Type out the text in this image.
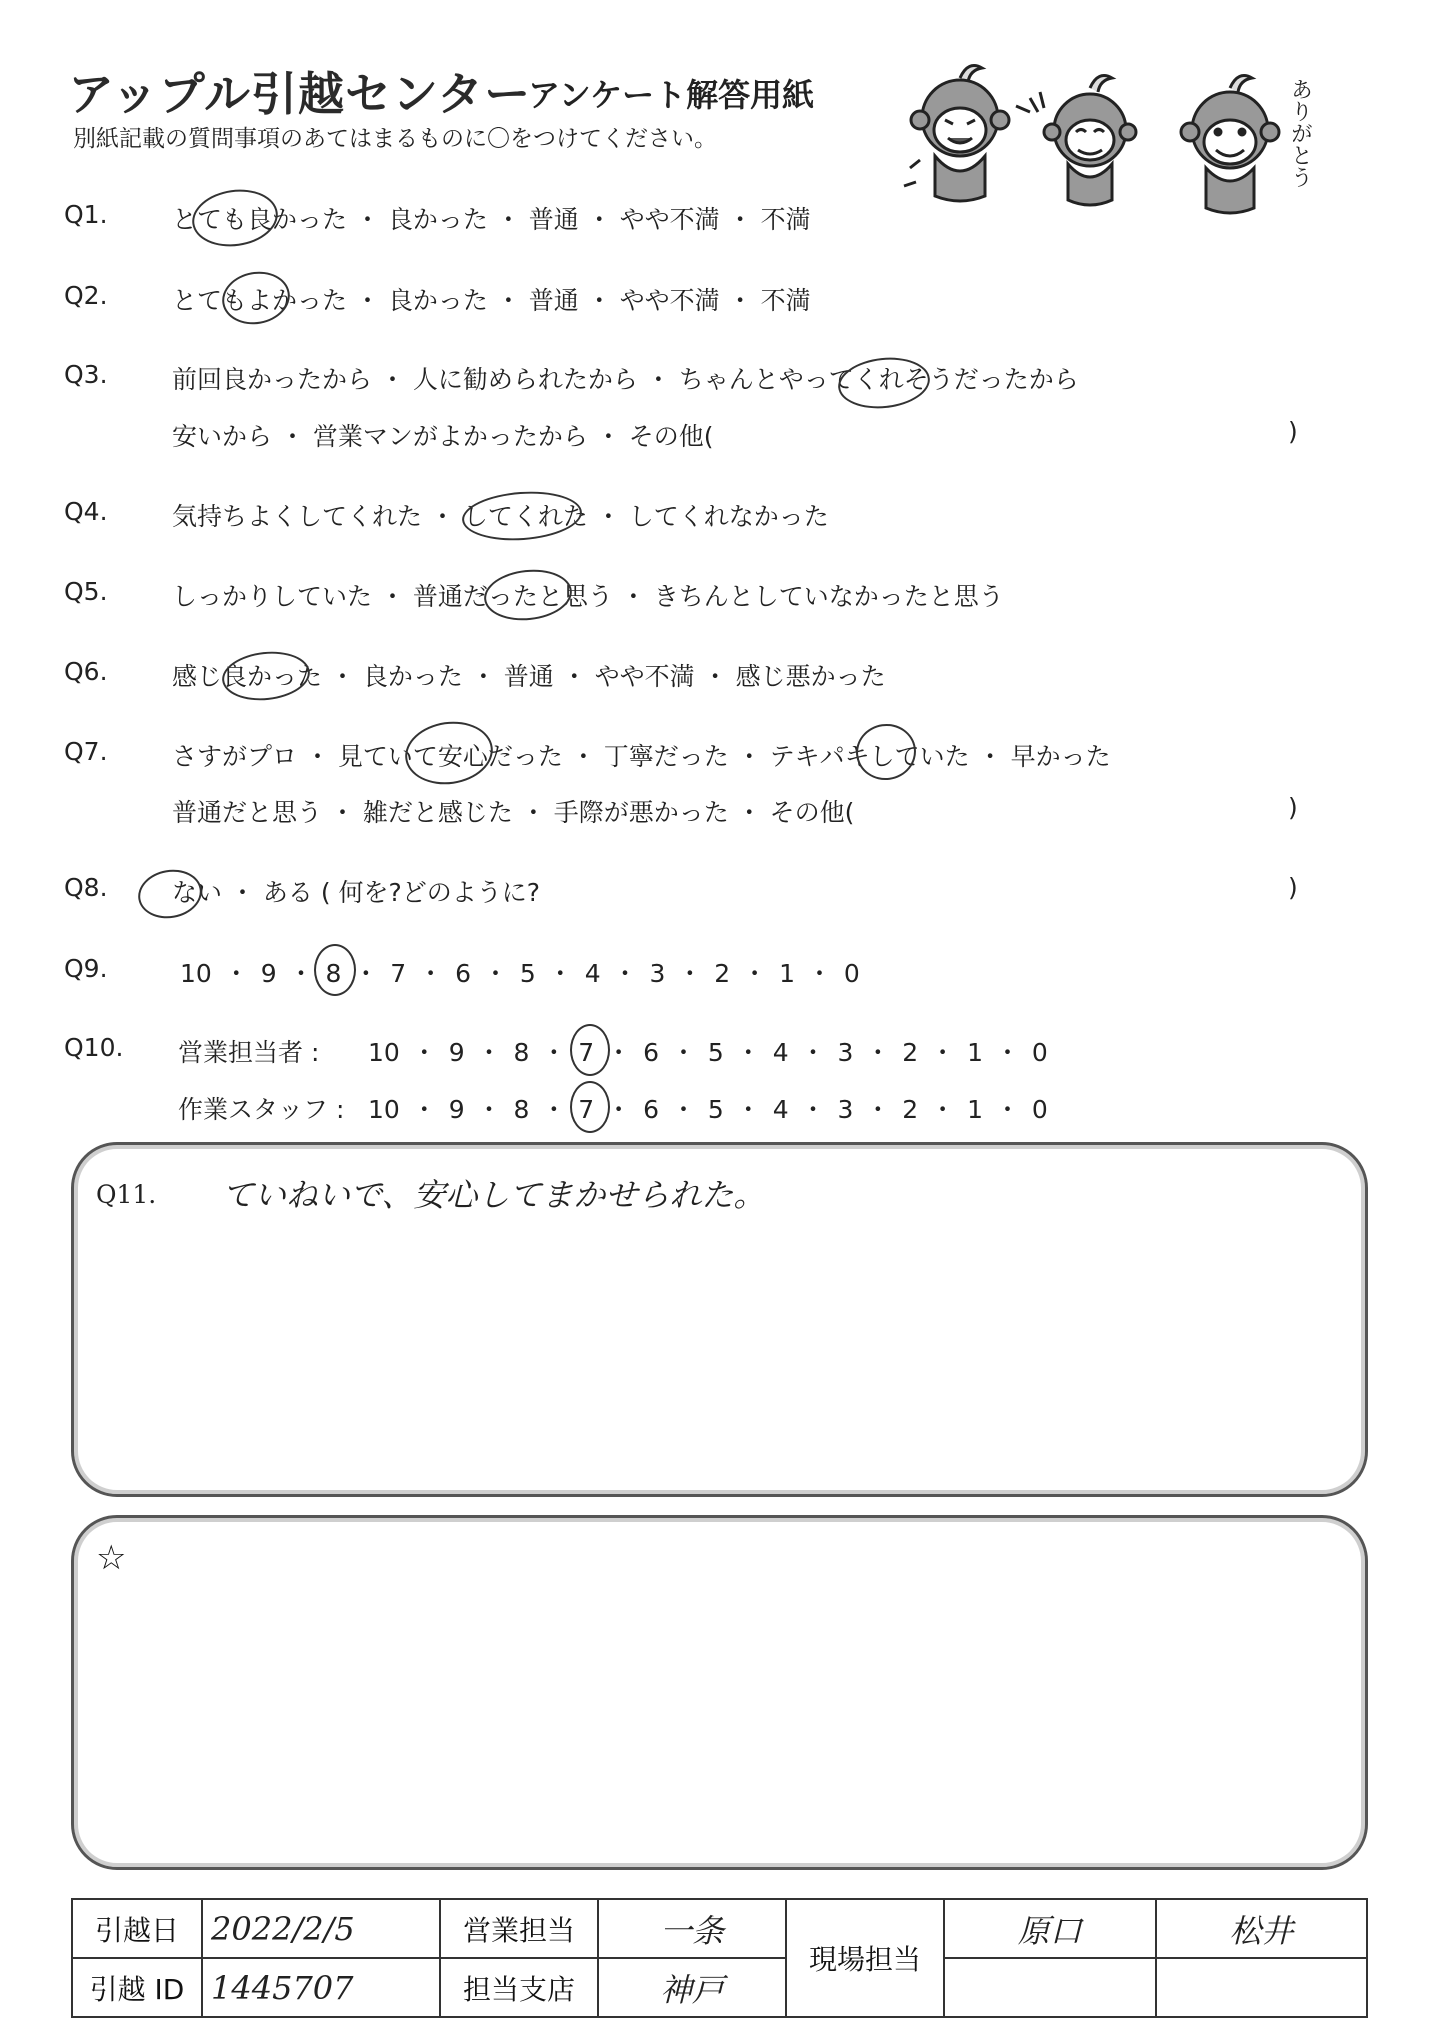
アップル引越センター
アンケート解答用紙
別紙記載の質問事項のあてはまるものに〇をつけてください。	ありがとう
Q1.	とても良かった ・ 良かった ・ 普通 ・ やや不満 ・ 不満
Q2.	とてもよかった ・ 良かった ・ 普通 ・ やや不満 ・ 不満
Q3.	前回良かったから ・ 人に勧められたから ・ ちゃんとやってくれそうだったから
安いから ・ 営業マンがよかったから ・ その他(	)
Q4.	気持ちよくしてくれた ・ してくれた ・ してくれなかった
Q5.	しっかりしていた ・ 普通だったと思う ・ きちんとしていなかったと思う
Q6.	感じ良かった ・ 良かった ・ 普通 ・ やや不満 ・ 感じ悪かった
Q7.	さすがプロ ・ 見ていて安心だった ・ 丁寧だった ・ テキパキしていた ・ 早かった
普通だと思う ・ 雑だと感じた ・ 手際が悪かった ・ その他(	)
Q8.	ない ・ ある ( 何を?どのように?	)
Q9.	10 ・ 9 ・ 8 ・ 7 ・ 6 ・ 5 ・ 4 ・ 3 ・ 2 ・ 1 ・ 0
Q10. 営業担当者 : 10 ・ 9 ・ 8 ・ 7 ・ 6 ・ 5 ・ 4 ・ 3 ・ 2 ・ 1 ・ 0
作業スタッフ : 10 ・ 9 ・ 8 ・ 7 ・ 6 ・ 5 ・ 4 ・ 3 ・ 2 ・ 1 ・ 0
Q11. ていねいで、安心してまかせられた。
☆
引越日	2022/2/5	営業担当	一条	現場担当	原口	松井
引越 ID	1445707	担当支店	神戸			
